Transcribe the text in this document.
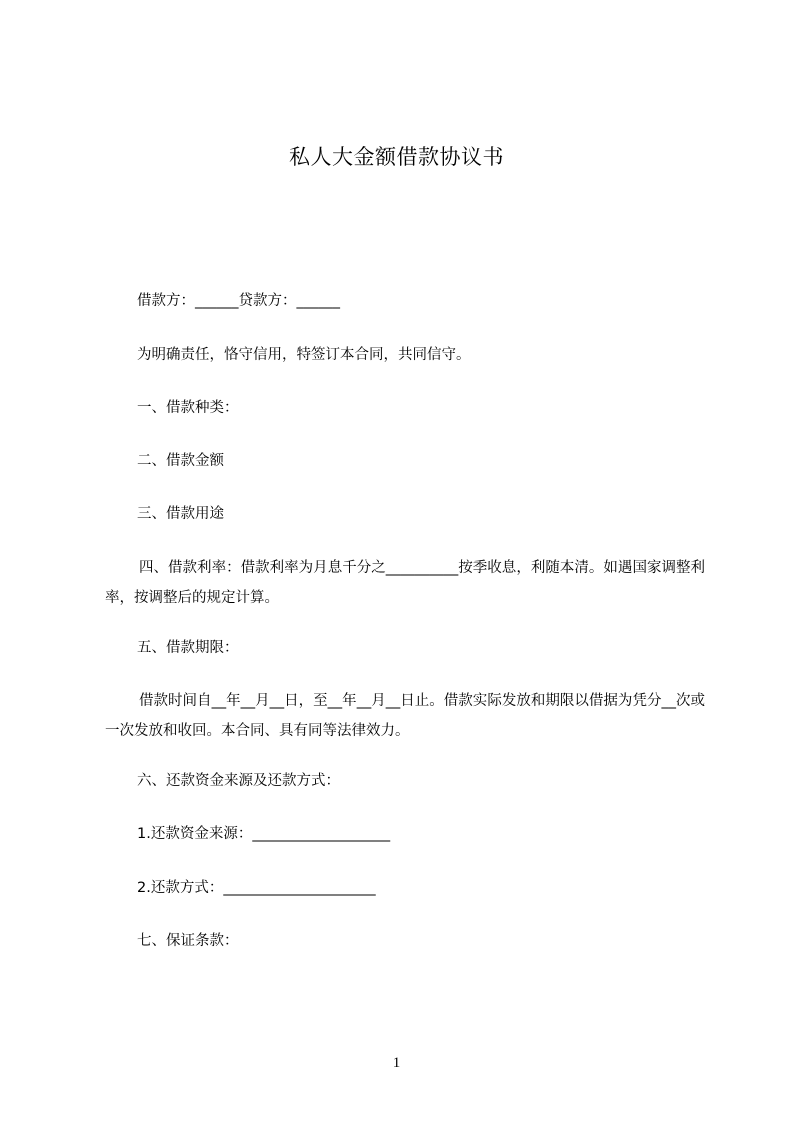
私人大金额借款协议书
借款方：______贷款方：______
为明确责任，恪守信用，特签订本合同，共同信守。
一、借款种类：
二、借款金额
三、借款用途
四、借款利率：借款利率为月息千分之__________按季收息，利随本清。如遇国家调整利率，按调整后的规定计算。
五、借款期限：
借款时间自__年__月__日，至__年__月__日止。借款实际发放和期限以借据为凭分__次或一次发放和收回。本合同、具有同等法律效力。
六、还款资金来源及还款方式：
1.还款资金来源：___________________
2.还款方式：_____________________
七、保证条款：
1
